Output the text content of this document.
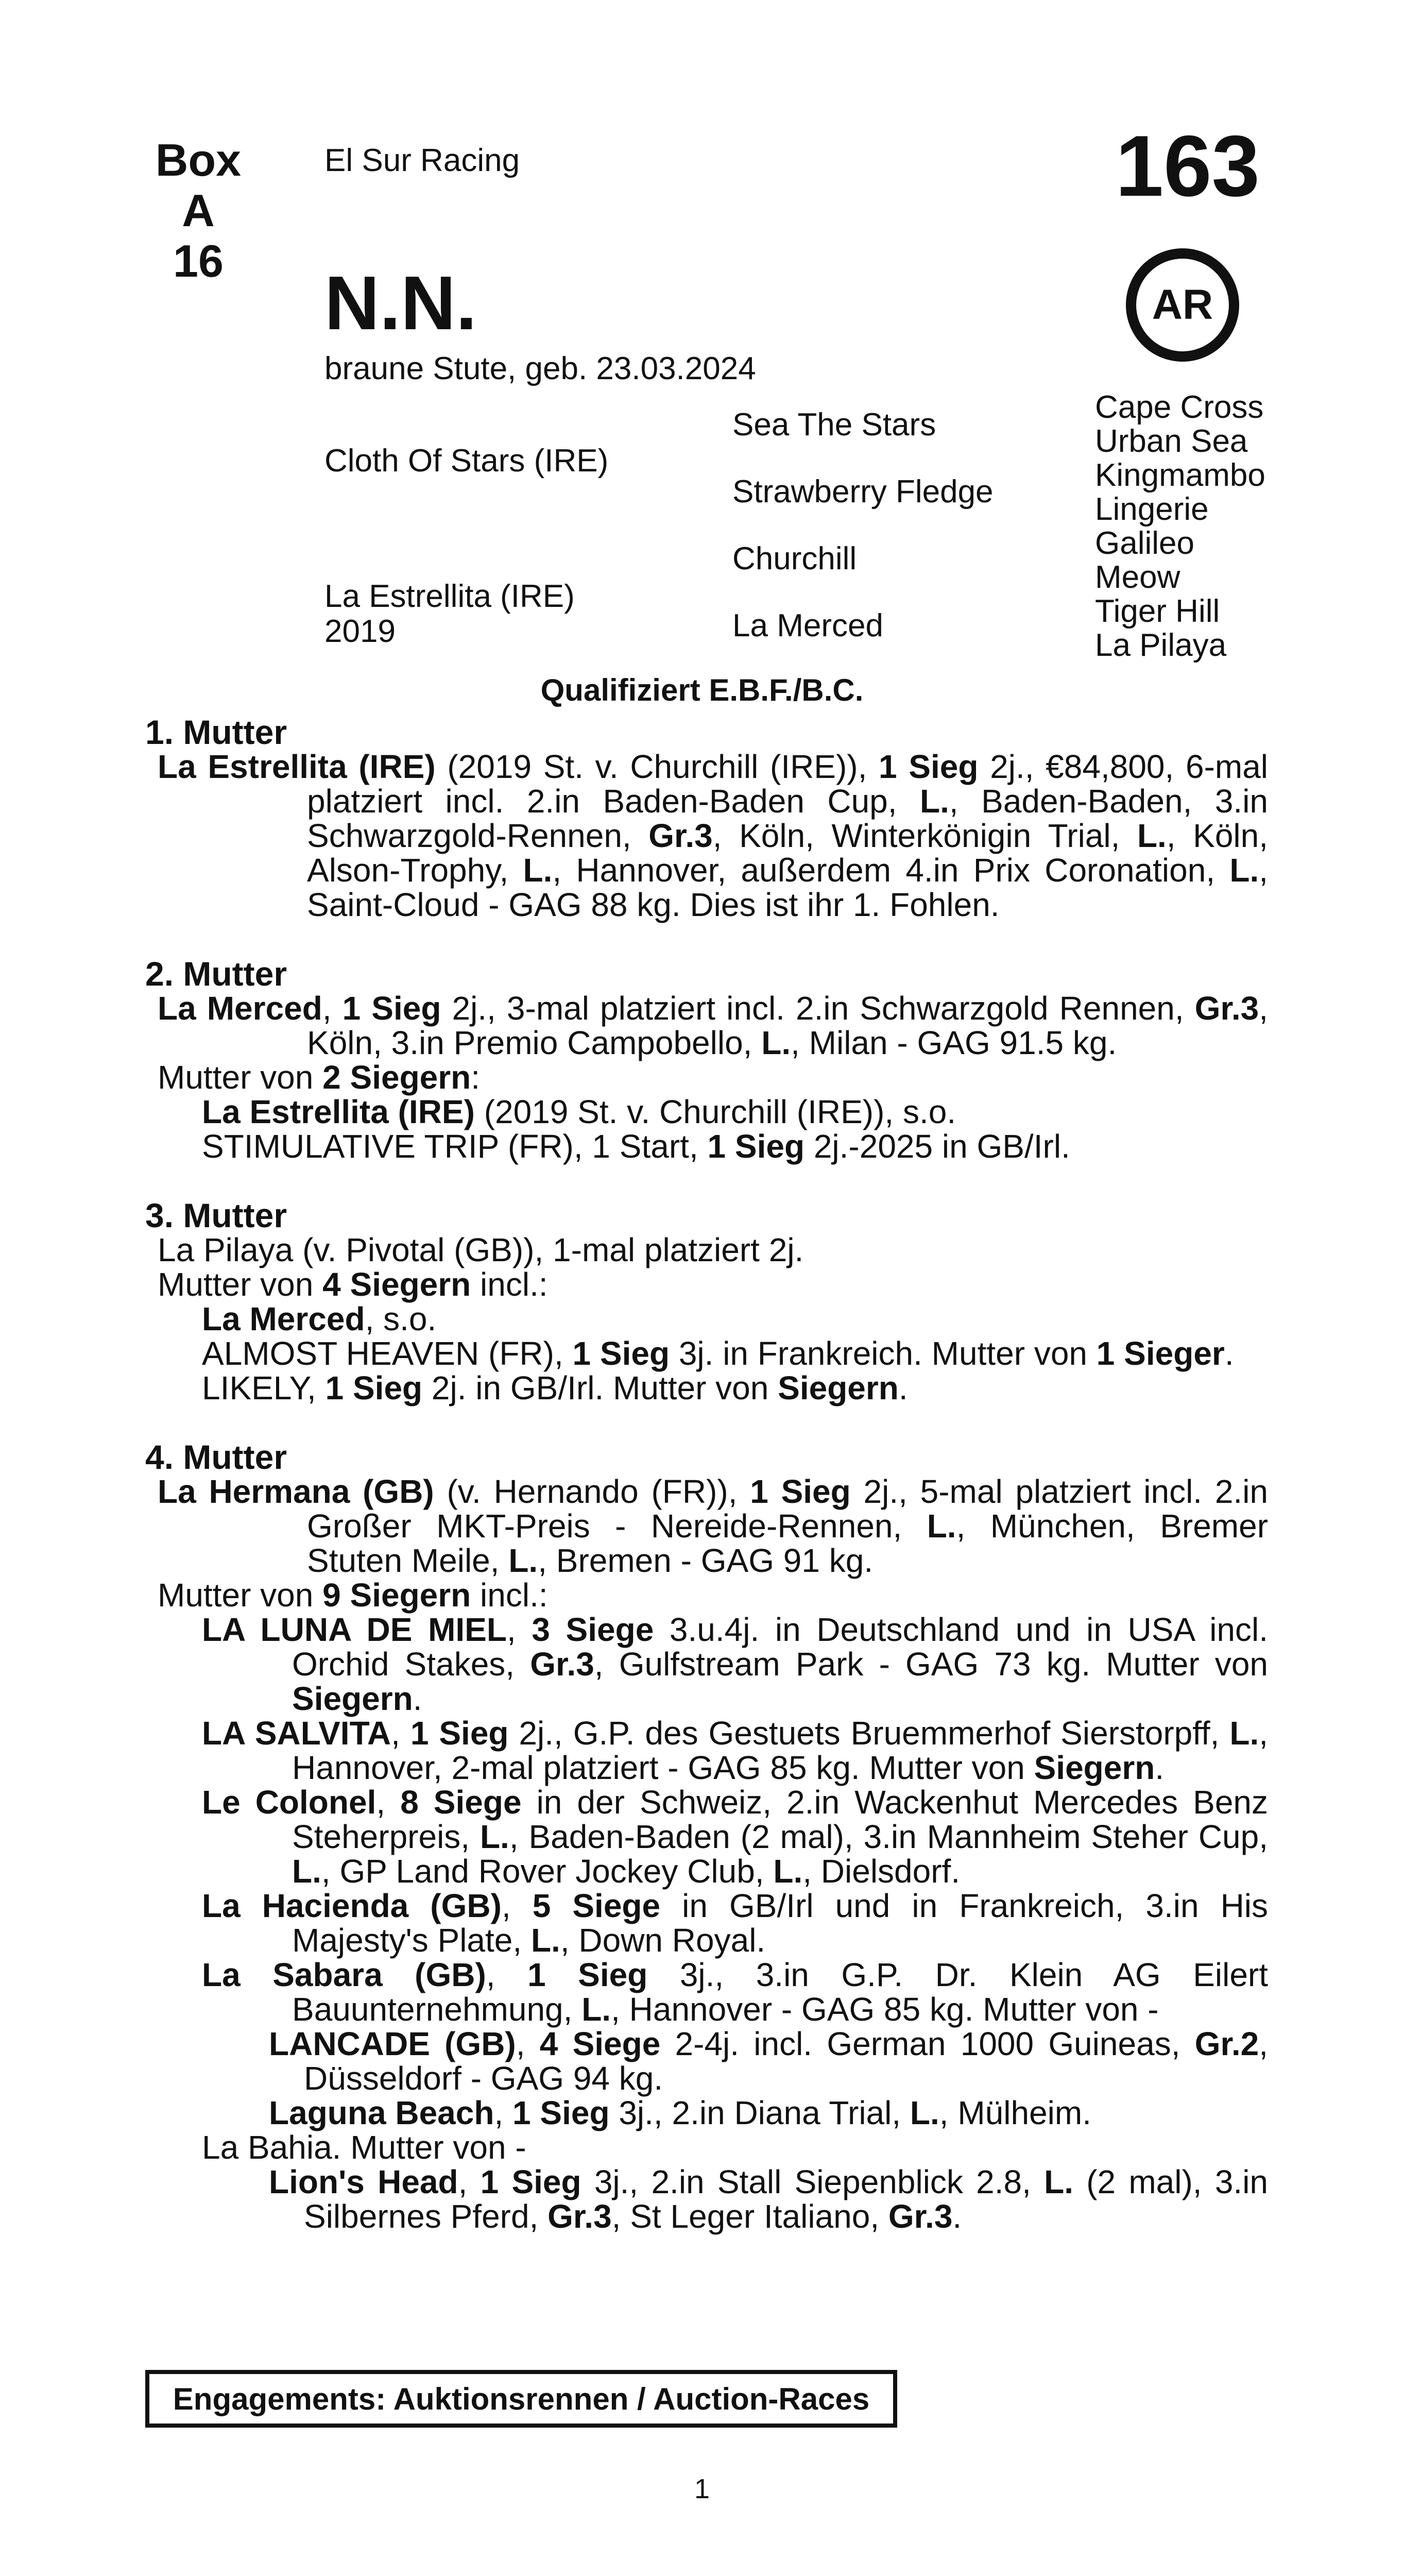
Box
A 16
El Sur Racing	163
AR
N.N.
braune Stute, geb. 23.03.2024
Cloth Of Stars (IRE)
La Estrellita (IRE)
2019
Sea The Stars
Strawberry Fledge
Churchill
La Merced
Cape Cross
Urban Sea
Kingmambo
Lingerie
Galileo
Meow
Tiger Hill
La Pilaya
Qualifiziert E.B.F./B.C.
1. Mutter
La Estrellita (IRE) (2019 St. v. Churchill (IRE)), 1 Sieg 2j., €84,800, 6-mal platziert incl. 2.in Baden-Baden Cup, L., Baden-Baden, 3.in Schwarzgold-Rennen, Gr.3, Köln, Winterkönigin Trial, L., Köln, Alson-Trophy, L., Hannover, außerdem 4.in Prix Coronation, L., Saint-Cloud - GAG 88 kg. Dies ist ihr 1. Fohlen.
2. Mutter
La Merced, 1 Sieg 2j., 3-mal platziert incl. 2.in Schwarzgold Rennen, Gr.3, Köln, 3.in Premio Campobello, L., Milan - GAG 91.5 kg.
Mutter von 2 Siegern:
La Estrellita (IRE) (2019 St. v. Churchill (IRE)), s.o.
STIMULATIVE TRIP (FR), 1 Start, 1 Sieg 2j.-2025 in GB/Irl.
3. Mutter
La Pilaya (v. Pivotal (GB)), 1-mal platziert 2j.
Mutter von 4 Siegern incl.:
La Merced, s.o.
ALMOST HEAVEN (FR), 1 Sieg 3j. in Frankreich. Mutter von 1 Sieger.
LIKELY, 1 Sieg 2j. in GB/Irl. Mutter von Siegern.
4. Mutter
La Hermana (GB) (v. Hernando (FR)), 1 Sieg 2j., 5-mal platziert incl. 2.in Großer MKT-Preis - Nereide-Rennen, L., München, Bremer Stuten Meile, L., Bremen - GAG 91 kg.
Mutter von 9 Siegern incl.:
LA LUNA DE MIEL, 3 Siege 3.u.4j. in Deutschland und in USA incl. Orchid Stakes, Gr.3, Gulfstream Park - GAG 73 kg. Mutter von Siegern.
LA SALVITA, 1 Sieg 2j., G.P. des Gestuets Bruemmerhof Sierstorpff, L., Hannover, 2-mal platziert - GAG 85 kg. Mutter von Siegern.
Le Colonel, 8 Siege in der Schweiz, 2.in Wackenhut Mercedes Benz Steherpreis, L., Baden-Baden (2 mal), 3.in Mannheim Steher Cup, L., GP Land Rover Jockey Club, L., Dielsdorf.
La Hacienda (GB), 5 Siege in GB/Irl und in Frankreich, 3.in His Majesty's Plate, L., Down Royal.
La Sabara (GB), 1 Sieg 3j., 3.in G.P. Dr. Klein AG Eilert Bauunternehmung, L., Hannover - GAG 85 kg. Mutter von -
LANCADE (GB), 4 Siege 2-4j. incl. German 1000 Guineas, Gr.2, Düsseldorf - GAG 94 kg.
Laguna Beach, 1 Sieg 3j., 2.in Diana Trial, L., Mülheim.
La Bahia. Mutter von -
Lion's Head, 1 Sieg 3j., 2.in Stall Siepenblick 2.8, L. (2 mal), 3.in Silbernes Pferd, Gr.3, St Leger Italiano, Gr.3.
Engagements: Auktionsrennen / Auction-Races
1
